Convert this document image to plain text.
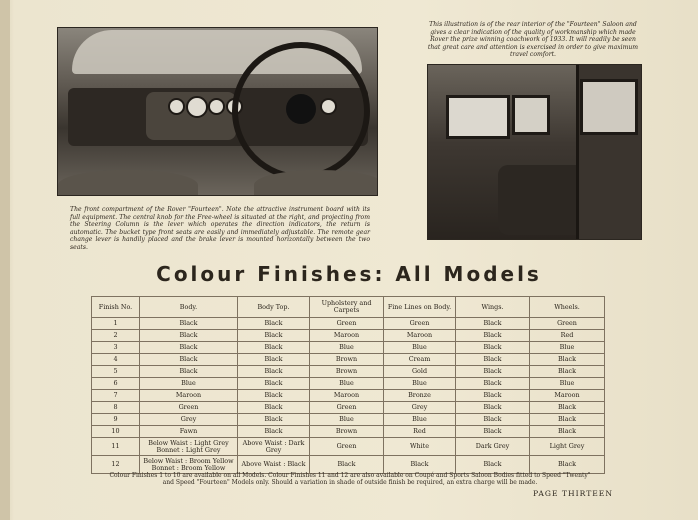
The front compartment of the Rover "Fourteen". Note the attractive instrument board with its full equipment. The central knob for the Free-wheel is situated at the right, and projecting from the Steering Column is the lever which operates the direction indicators, the return is automatic. The bucket type front seats are easily and immediately adjustable. The remote gear change lever is handily placed and the brake lever is mounted horizontally between the two seats.

This illustration is of the rear interior of the "Fourteen" Saloon and gives a clear indication of the quality of workmanship which made Rover the prize winning coachwork of 1933. It will readily be seen that great care and attention is exercised in order to give maximum travel comfort.

Colour Finishes: All Models
Finish No.	Body.	Body Top.	Upholstery and Carpets	Fine Lines on Body.	Wings.	Wheels.
1	Black	Black	Green	Green	Black	Green
2	Black	Black	Maroon	Maroon	Black	Red
3	Black	Black	Blue	Blue	Black	Blue
4	Black	Black	Brown	Cream	Black	Black
5	Black	Black	Brown	Gold	Black	Black
6	Blue	Black	Blue	Blue	Black	Blue
7	Maroon	Black	Maroon	Bronze	Black	Maroon
8	Green	Black	Green	Grey	Black	Black
9	Grey	Black	Blue	Blue	Black	Black
10	Fawn	Black	Brown	Red	Black	Black
11	Below Waist : Light Grey Bonnet : Light Grey	Above Waist : Dark Grey	Green	White	Dark Grey	Light Grey
12	Below Waist : Broom Yellow Bonnet : Broom Yellow	Above Waist : Black	Black	Black	Black	Black

Colour Finishes 1 to 10 are available on all Models. Colour Finishes 11 and 12 are also available on Coupé and Sports Saloon Bodies fitted to Speed "Twenty" and Speed "Fourteen" Models only. Should a variation in shade of outside finish be required, an extra charge will be made.

PAGE THIRTEEN
